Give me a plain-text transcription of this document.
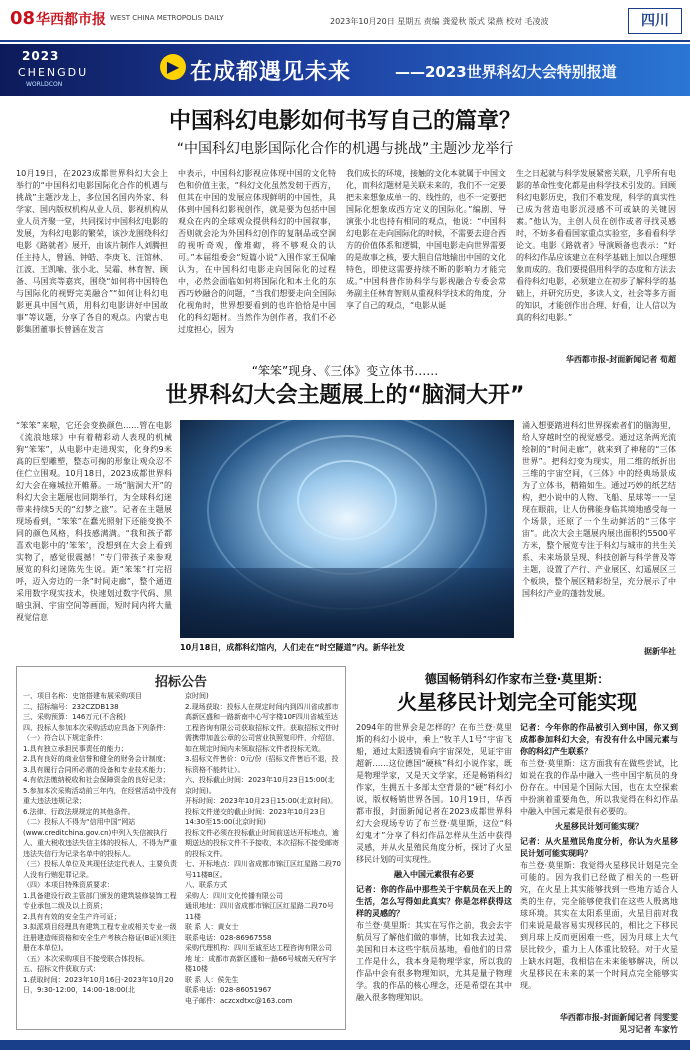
08 华西都市报 WEST CHINA METROPOLIS DAILY	2023年10月20日 星期五 责编 龚爱秋 版式 梁燕 校对 毛凌波	四川
2023
CHENGDU
WORLDCON
▶ 在成都遇见未来	——2023世界科幻大会特别报道
中国科幻电影如何书写自己的篇章？
“中国科幻电影国际化合作的机遇与挑战”主题沙龙举行
10月19日，在2023成都世界科幻大会上举行的“中国科幻电影国际化合作的机遇与挑战”主题沙龙上，多位国名国内外家、科学家、国内版权机构从业人员、影视机构从业人员齐聚一堂，共同探讨中国科幻电影的发展，为科幻电影的繁荣，该沙龙围绕科幻电影《路就者》展开，由该片制作人刘腾担任主持人，曾涵、钟皓、李庚飞、汪馆林、江波、王凯喻、张小北、吴霜、林育智、顾备、马国宾等嘉宾，围绕“如何将中国特色与国际化的视野完美融合”“如何让科幻电影更具中国气质，用科幻电影讲好中国故事”等议题，分享了各自的观点。内蒙古电影集团董事长曾涵在发言
中表示，中国科幻影视应体现中国的文化特色和价值主张，“科幻文化虽然发轫于西方，但其在中国的发展应体现鲜明的中国性，具体到中国科幻影视创作，就是要为包括中国观众在内的全球观众提供科幻的中国叙事，否则就会沦为外国科幻创作的复制品或空洞的视听奇观，像堆砌，将不够观众的认可。”本届组委会“短篇小说”入围作家王侃喻认为，在中国科幻电影走向国际化的过程中，必然会面临如何将国际化和本土化的东西巧妙融合的问题，“当我们想要走向全国际化视角时，世界想要看到的也许恰恰是中国化的科幻题材。当然作为创作者，我们不必过度担心，因为
我们成长的环境，接触的文化本就属于中国文化，而科幻题材是关联未来的，我们不一定要把未来想象成单一的、线性的，也不一定要把国际化想象成西方定义的国际化。”编剧、导演张小北也持有相同的观点，他说：“中国科幻电影在走向国际化的时候，不需要去迎合西方的价值体系和逻辑，中国电影走向世界需要的是故事之核，要大胆自信地输出中国的文化特色，即使这需要持续不断的影响力才能完成。”中国科普作协科学与影视融合专委会常务副主任林育智则从重视科学技术的角度，分享了自己的观点，“电影从诞
生之日起就与科学发展紧密关联，几乎所有电影的革命性变化都是由科学技术引发的。回顾科幻电影历史，我们不难发现，科学的真实性已成为营造电影沉浸感不可或缺的关键因素。”他认为，主创人员在创作或者寻找灵感时，不妨多看看国家重点实验室，多看看科学论文。电影《路就者》导演顾备也表示：“好的科幻作品应该建立在科学基础上加以合理想象而成的。我们要提倡用科学的态度和方法去看待科幻电影，必须建立在初步了解科学的基础上，并研究历史，多读人文，社会等多方面的知识，才能创作出合理、好看，让人信以为真的科幻电影。”
华西都市报-封面新闻记者 荀超
“笨笨”现身、《三体》变立体书……
世界科幻大会主题展上的“脑洞大开”
“笨笨”来啦，它还会变换颜色……管在电影《流浪地球》中有着精彩动人表现的机械狗“笨笨”，从电影中走进现实，化身约9米高的巨型雕塑，整态可掬的形象让观众忍不住伫立围观。10月18日，2023成都世界科幻大会在雍城拉开帷幕。一场“脑洞大开”的科幻大会主题展也同期举行，为全球科幻迷带来持续5天的“幻梦之旅”。记者在主题展现场看到，“笨笨”在蠢光照射下还能变换不同的颜色风格，科技感满满。“我和孩子都喜欢电影中的‘笨笨’，没想到在大会上看到实物了，感觉很震撼！”专门带孩子来参观展览的科幻迷陈先生说。距“笨笨”打完招呼，迈入旁边的一条“时间走廊”，整个通道采用数字现实技术，快速划过数字代码、黑暗虫洞、宇宙空间等画面，短时间内将大量视觉信息
10月18日，成都科幻馆内，人们走在“时空隧道”内。新华社发
涌入想要踏进科幻世界探索者们的脑海里，给人穿越时空的视觉感受。通过这条两光流绘制的“时间走廊”，就来到了神秘的“三体世界”。把科幻变为现实，用二维的纸折出三维的宇宙空间，《三体》中的经典场景成为了立体书，精箱如生。通过巧妙的纸艺结构，把小说中的人物、飞船、星球等一一呈现在眼前，让人仿佛能身临其境地感受每一个场景，还原了一个生动鲜活的“三体宇宙”。此次大会主题展内展出面积约5500平方米，整个展览专注于科幻与城市的共生关系、未来场景呈现、科技创新与科学普及等主题，设置了产行、产业展区、幻遥展区三个板块，整个展区精彩纷呈，充分展示了中国科幻产业的蓬勃发展。
据新华社
招标公告
一、项目名称：史馆搭建布展采购项目
二、招标编号：232CZDB138
三、采购预算：146万元(不含税)
四、投标人参加本次采购活动应具备下列条件：
（一）符合以下规定条件：
1.具有独立承担民事责任的能力；
2.具有良好的商业信誉和健全的财务会计制度；
3.具有履行合同所必需的设备和专业技术能力；
4.有依法缴纳税收和社会保障资金的良好记录；
5.参加本次采购活动前三年内，在经营活动中没有重大违法违规记录；
6.法律、行政法规规定的其他条件。
（二）投标人不得为“信用中国”网站(www.creditchina.gov.cn)中列入失信被执行人、重大税收违法失信主体的投标人，不得为严重违法失信行为记录名单中的投标人。
（三）投标人单位及其现任法定代表人、主要负责人没有行贿犯罪记录。
（四）本项目特殊资质要求：
1.具备建设行政主管部门颁发的建筑装修装饰工程专业承包二级及以上资质；
2.具有有效的安全生产许可证；
3.拟派项目经理具有建筑工程专业或相关专业一级注册建造师资格和安全生产考核合格证(B证)(须注册在本单位)。
（五）本次采购项目不接受联合体投标。
五、招标文件获取方式：
1.获取时间：2023年10月16日-2023年10月20日，9:30-12:00，14:00-18:00(北
京时间)
2.现场获取：投标人在规定时间内到四川省成都市高新区盛和一路新南中心写字楼10F四川省城至达工程咨询有限公司获取招标文件。获取招标文件时需携带加盖公章的公司营业执照复印件，介绍信，如在规定时间内未领取招标文件者投标无效。
3.招标文件售价：0元/份（招标文件售后不退，投标资格不能转让）。
六、投标截止时间：2023年10月23日15:00(北京时间)。
开标时间：2023年10月23日15:00(北京时间)。
投标文件递交的截止时间：2023年10月23日14:30至15:00(北京时间)
投标文件必须在投标截止时间前送达开标地点，逾期送达的投标文件不予接收，本次招标不接受邮寄的投标文件。
七、开标地点：四川省成都市锦江区红星路二段70号11楼B区。
八、联系方式
采购人：四川文化传播有限公司
通讯地址：四川省成都市锦江区红星路二段70号11楼
联 系 人：黄女士
联系电话：028-86967558
采购代理机构：四川至诚至达工程咨询有限公司
地 址：成都市高新区盛和一路66号城南天府写字楼10楼
联 系 人：侯先生
联系电话：028-86051967
电子邮件：aczcxdtxc@163.com
德国畅销科幻作家布兰登·莫里斯：
火星移民计划完全可能实现
2094年的世界会是怎样的？在布兰登·莫里斯的科幻小说中，乘上“牧羊人1号”宇宙飞船，通过太阳透镜看向宇宙深处，见证宇宙超新……这位德国“硬核”科幻小说作家，既是物理学家，又是天文学家，还是畅销科幻作家，生拥五十多部太空背景的“硬”科幻小说，版权畅销世界各国。10月19日，华西都市报，封面新闻记者在2023成都世界科幻大会现场专访了布兰登·莫里斯，这位“科幻鬼才”分享了科幻作品怎样从生活中获得灵感，并从火星殖民角度分析，探讨了火星移民计划的可实现性。
融入中国元素很有必要
记者：你的作品中那些关于宇航员在天上的生活，怎么写得如此真实？你是怎样获得这样的灵感的？
布兰登·莫里斯：其实在写作之前，我会去宇航员写了解他们做的事情，比如我去过美、美国和日本这些宇航员基地，看他们的日常工作是什么，我本身是物理学家，所以我的作品中会有很多物理知识，尤其是量子物理学。我的作品的核心理念，还是希望在其中融入很多物理知识。
记者：今年你的作品被引入到中国，你又到成都参加科幻大会，有没有什么中国元素与你的科幻产生联系？
布兰登·莫里斯：这方面我有在做些尝试，比如说在我的作品中融入一些中国宇航员的身份存在。中国是个国际大国，也在太空探索中扮演着重要角色，所以我觉得在科幻作品中融入中国元素是很有必要的。
火星移民计划可能实现？
记者：从火星殖民角度分析，你认为火星移民计划可能实现吗？
布兰登·莫里斯：我觉得火星移民计划是完全可能的。因为我们已经做了相关的一些研究，在火星上其实能够找到一些地方适合人类的生存，完全能够使我们在这些人殷离地球环境。其实在太阳系里面，火星目前对我们来说是最容易实现移民的，相比之下移民到月球上反而更困难一些，因为月球上大气层比较少，重力上人体重比较轻。对于火星上缺水问题，我相信在未来能够解决，所以火星移民在未来的某一个时间点完全能够实现。
华西都市报-封面新闻记者 闫雯雯
见习记者 车家竹
